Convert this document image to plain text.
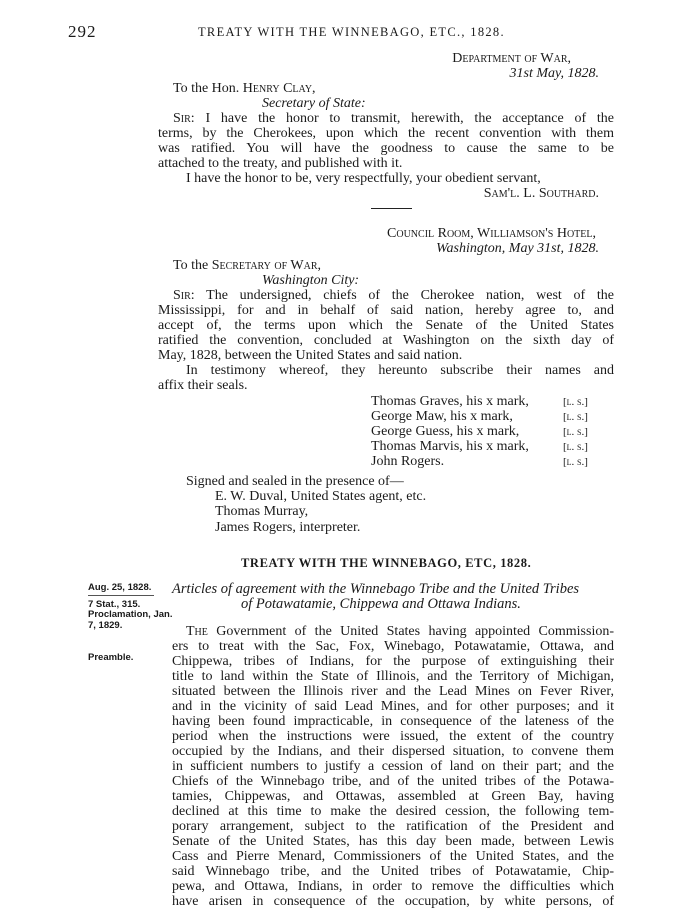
292	TREATY WITH THE WINNEBAGO, ETC., 1828.
Department of War,
31st May, 1828.
To the Hon. Henry Clay,
Secretary of State:
Sir: I have the honor to transmit, herewith, the acceptance of the
terms, by the Cherokees, upon which the recent convention with them
was ratified. You will have the goodness to cause the same to be
attached to the treaty, and published with it.
I have the honor to be, very respectfully, your obedient servant,
Sam'l. L. Southard.
Council Room, Williamson's Hotel,
Washington, May 31st, 1828.
To the Secretary of War,
Washington City:
Sir: The undersigned, chiefs of the Cherokee nation, west of the
Mississippi, for and in behalf of said nation, hereby agree to, and
accept of, the terms upon which the Senate of the United States
ratified the convention, concluded at Washington on the sixth day of
May, 1828, between the United States and said nation.
In testimony whereof, they hereunto subscribe their names and
affix their seals.
Thomas Graves, his x mark,	[l. s.]
George Maw, his x mark,	[l. s.]
George Guess, his x mark,	[l. s.]
Thomas Marvis, his x mark,	[l. s.]
John Rogers.	[l. s.]
Signed and sealed in the presence of—
E. W. Duval, United States agent, etc.
Thomas Murray,
James Rogers, interpreter.
TREATY WITH THE WINNEBAGO, ETC, 1828.
Aug. 25, 1828.
7 Stat., 315.
Proclamation, Jan.
7, 1829.
Preamble.
Articles of agreement with the Winnebago Tribe and the United Tribes
of Potawatamie, Chippewa and Ottawa Indians.
The Government of the United States having appointed Commission-
ers to treat with the Sac, Fox, Winebago, Potawatamie, Ottawa, and
Chippewa, tribes of Indians, for the purpose of extinguishing their
title to land within the State of Illinois, and the Territory of Michigan,
situated between the Illinois river and the Lead Mines on Fever River,
and in the vicinity of said Lead Mines, and for other purposes; and it
having been found impracticable, in consequence of the lateness of the
period when the instructions were issued, the extent of the country
occupied by the Indians, and their dispersed situation, to convene them
in sufficient numbers to justify a cession of land on their part; and the
Chiefs of the Winnebago tribe, and of the united tribes of the Potawa-
tamies, Chippewas, and Ottawas, assembled at Green Bay, having
declined at this time to make the desired cession, the following tem-
porary arrangement, subject to the ratification of the President and
Senate of the United States, has this day been made, between Lewis
Cass and Pierre Menard, Commissioners of the United States, and the
said Winnebago tribe, and the United tribes of Potawatamie, Chip-
pewa, and Ottawa, Indians, in order to remove the difficulties which
have arisen in consequence of the occupation, by white persons, of
